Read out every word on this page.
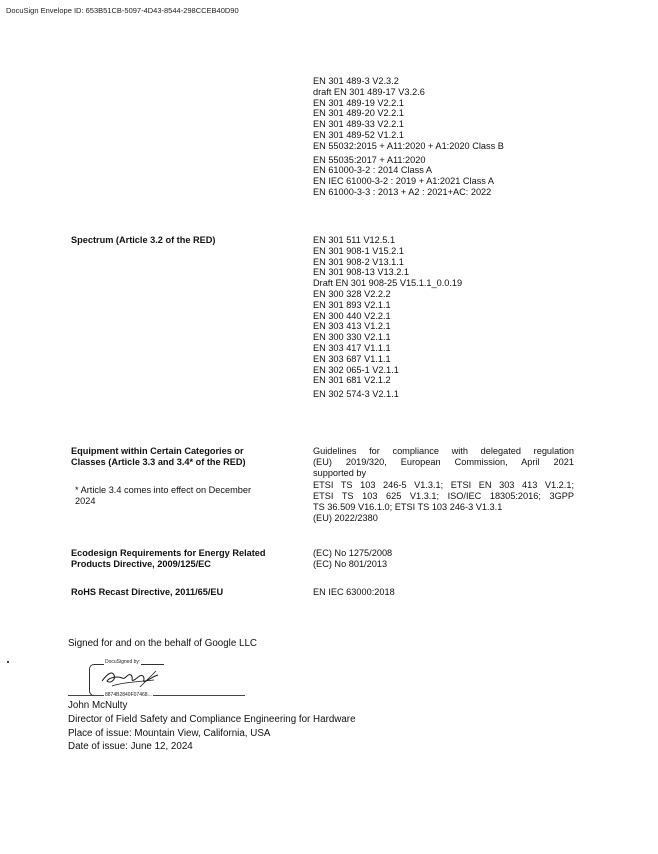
DocuSign Envelope ID: 653B51CB-5097-4D43-8544-298CCEB40D90
EN 301 489-3 V2.3.2
draft EN 301 489-17 V3.2.6
EN 301 489-19 V2.2.1
EN 301 489-20 V2.2.1
EN 301 489-33 V2.2.1
EN 301 489-52 V1.2.1
EN 55032:2015 + A11:2020 + A1:2020 Class B
EN 55035:2017 + A11:2020
EN 61000-3-2 : 2014 Class A
EN IEC 61000-3-2 : 2019 + A1:2021 Class A
EN 61000-3-3 : 2013 + A2 : 2021+AC: 2022
Spectrum (Article 3.2 of the RED)	EN 301 511 V12.5.1
EN 301 908-1 V15.2.1
EN 301 908-2 V13.1.1
EN 301 908-13 V13.2.1
Draft EN 301 908-25 V15.1.1_0.0.19
EN 300 328 V2.2.2
EN 301 893 V2.1.1
EN 300 440 V2.2.1
EN 303 413 V1.2.1
EN 300 330 V2.1.1
EN 303 417 V1.1.1
EN 303 687 V1.1.1
EN 302 065-1 V2.1.1
EN 301 681 V2.1.2
EN 302 574-3 V2.1.1
Equipment within Certain Categories or
Classes (Article 3.3 and 3.4* of the RED)
* Article 3.4 comes into effect on December
2024
Guidelines for compliance with delegated regulation
(EU) 2019/320, European Commission, April 2021
supported by
ETSI TS 103 246-5 V1.3.1; ETSI EN 303 413 V1.2.1;
ETSI TS 103 625 V1.3.1; ISO/IEC 18305:2016; 3GPP
TS 36.509 V16.1.0; ETSI TS 103 246-3 V1.3.1
(EU) 2022/2380
Ecodesign Requirements for Energy Related
Products Directive, 2009/125/EC
(EC) No 1275/2008
(EC) No 801/2013
RoHS Recast Directive, 2011/65/EU	EN IEC 63000:2018
Signed for and on the behalf of Google LLC
DocuSigned by:
8874B2840F07468...
John McNulty
Director of Field Safety and Compliance Engineering for Hardware
Place of issue: Mountain View, California, USA
Date of issue: June 12, 2024
